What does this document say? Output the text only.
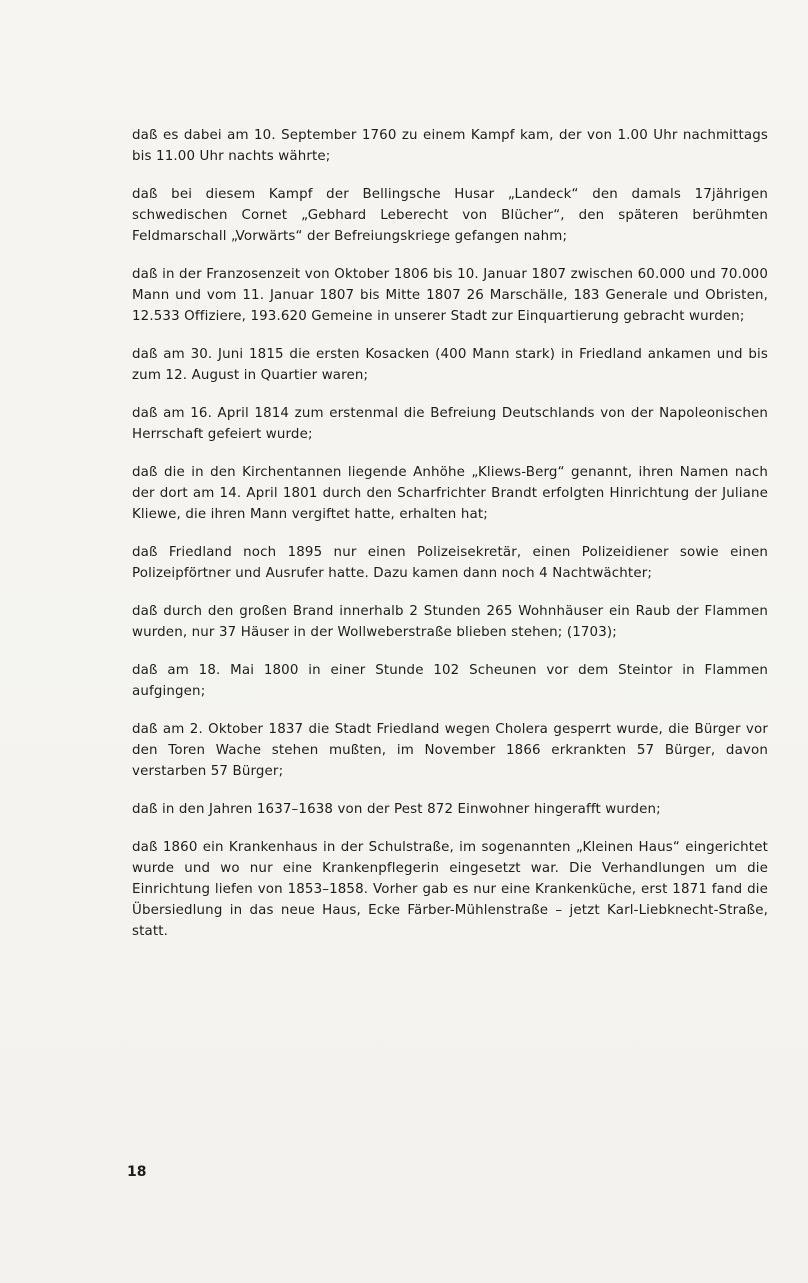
daß es dabei am 10. September 1760 zu einem Kampf kam, der von 1.00 Uhr nachmittags bis 11.00 Uhr nachts währte;

daß bei diesem Kampf der Bellingsche Husar „Landeck“ den damals 17jährigen schwedischen Cornet „Gebhard Leberecht von Blücher“, den späteren berühmten Feldmarschall „Vorwärts“ der Befreiungskriege gefangen nahm;

daß in der Franzosenzeit von Oktober 1806 bis 10. Januar 1807 zwischen 60.000 und 70.000 Mann und vom 11. Januar 1807 bis Mitte 1807 26 Marschälle, 183 Generale und Obristen, 12.533 Offiziere, 193.620 Gemeine in unserer Stadt zur Einquartierung gebracht wurden;

daß am 30. Juni 1815 die ersten Kosacken (400 Mann stark) in Friedland ankamen und bis zum 12. August in Quartier waren;

daß am 16. April 1814 zum erstenmal die Befreiung Deutschlands von der Napoleonischen Herrschaft gefeiert wurde;

daß die in den Kirchentannen liegende Anhöhe „Kliews-Berg“ genannt, ihren Namen nach der dort am 14. April 1801 durch den Scharfrichter Brandt erfolgten Hinrichtung der Juliane Kliewe, die ihren Mann vergiftet hatte, erhalten hat;

daß Friedland noch 1895 nur einen Polizeisekretär, einen Polizeidiener sowie einen Polizeipförtner und Ausrufer hatte. Dazu kamen dann noch 4 Nachtwächter;

daß durch den großen Brand innerhalb 2 Stunden 265 Wohnhäuser ein Raub der Flammen wurden, nur 37 Häuser in der Wollweberstraße blieben stehen; (1703);

daß am 18. Mai 1800 in einer Stunde 102 Scheunen vor dem Steintor in Flammen aufgingen;

daß am 2. Oktober 1837 die Stadt Friedland wegen Cholera gesperrt wurde, die Bürger vor den Toren Wache stehen mußten, im November 1866 erkrankten 57 Bürger, davon verstarben 57 Bürger;

daß in den Jahren 1637–1638 von der Pest 872 Einwohner hingerafft wurden;

daß 1860 ein Krankenhaus in der Schulstraße, im sogenannten „Kleinen Haus“ eingerichtet wurde und wo nur eine Krankenpflegerin eingesetzt war. Die Verhandlungen um die Einrichtung liefen von 1853–1858. Vorher gab es nur eine Krankenküche, erst 1871 fand die Übersiedlung in das neue Haus, Ecke Färber-Mühlenstraße – jetzt Karl-Liebknecht-Straße, statt.

18
